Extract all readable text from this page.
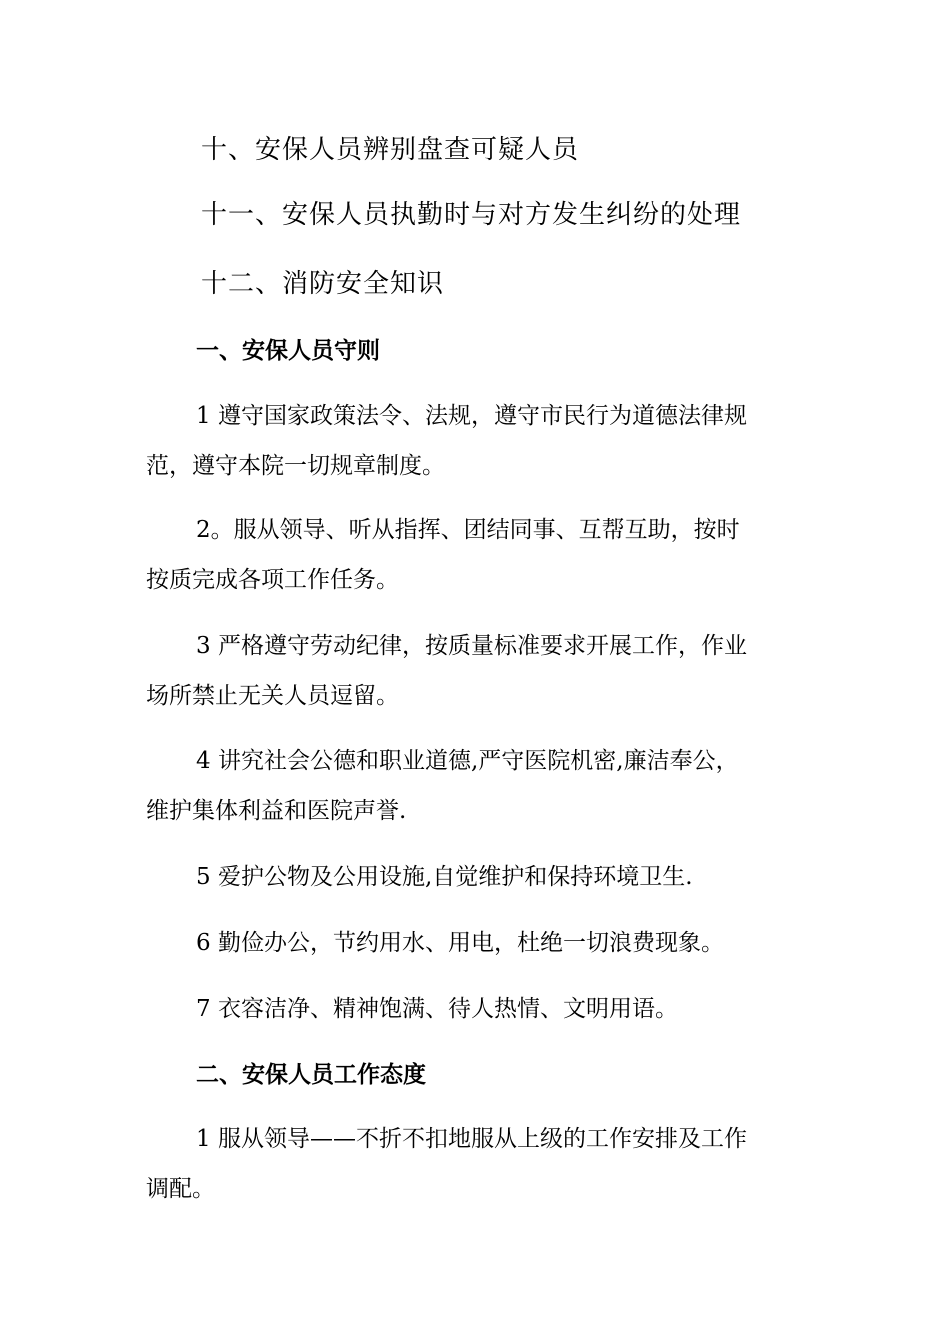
十、安保人员辨别盘查可疑人员
十一、安保人员执勤时与对方发生纠纷的处理
十二、消防安全知识
一、安保人员守则
1 遵守国家政策法令、法规，遵守市民行为道德法律规
范，遵守本院一切规章制度。
2。服从领导、听从指挥、团结同事、互帮互助，按时
按质完成各项工作任务。
3 严格遵守劳动纪律，按质量标准要求开展工作，作业
场所禁止无关人员逗留。
4 讲究社会公德和职业道德,严守医院机密,廉洁奉公，
维护集体利益和医院声誉.
5 爱护公物及公用设施,自觉维护和保持环境卫生.
6 勤俭办公，节约用水、用电，杜绝一切浪费现象。
7 衣容洁净、精神饱满、待人热情、文明用语。
二、安保人员工作态度
1 服从领导——不折不扣地服从上级的工作安排及工作
调配。
